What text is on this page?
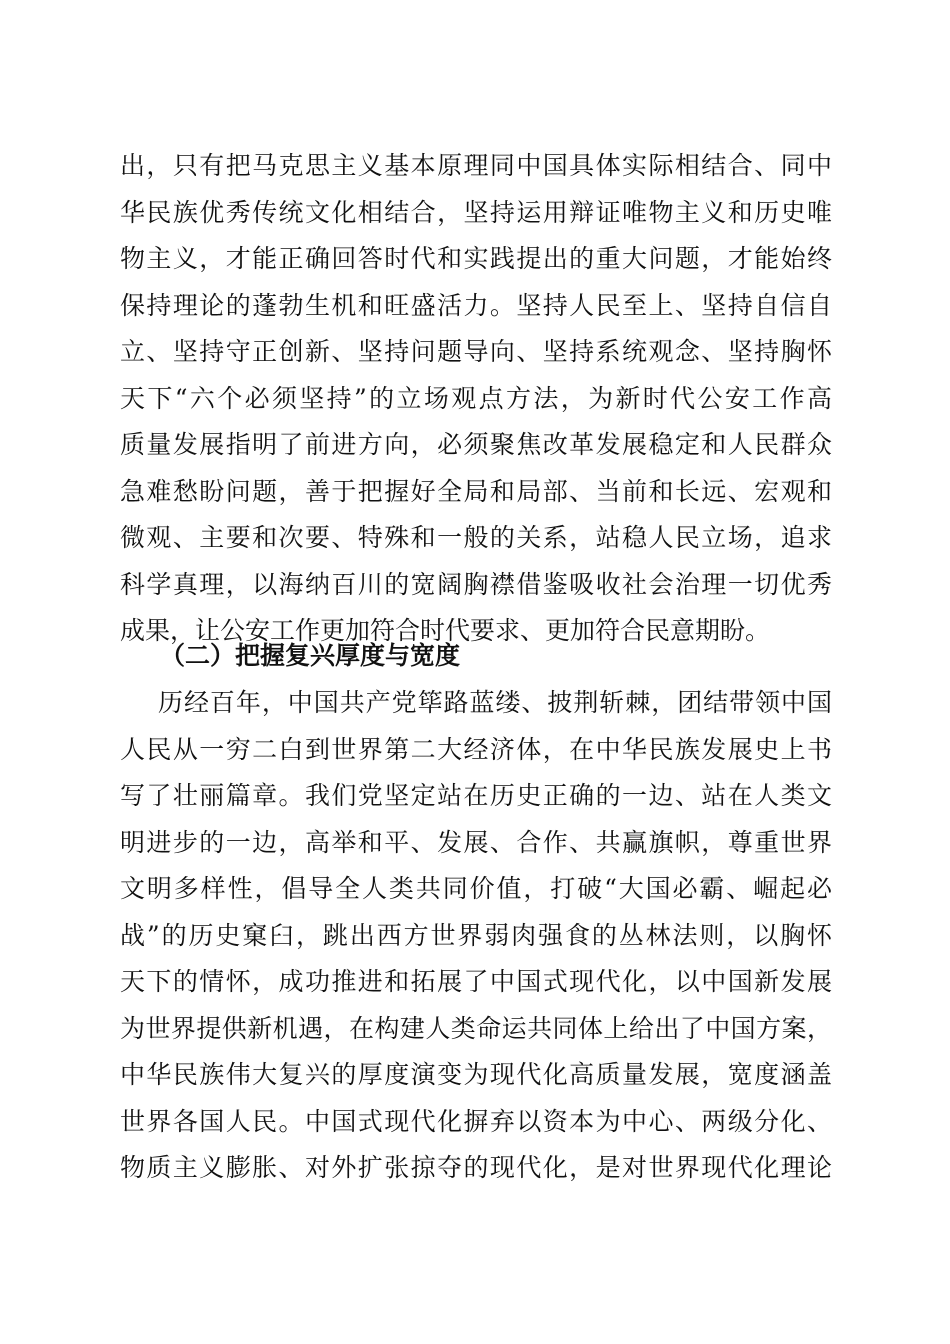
出，只有把马克思主义基本原理同中国具体实际相结合、同中
华民族优秀传统文化相结合，坚持运用辩证唯物主义和历史唯
物主义，才能正确回答时代和实践提出的重大问题，才能始终
保持理论的蓬勃生机和旺盛活力。坚持人民至上、坚持自信自
立、坚持守正创新、坚持问题导向、坚持系统观念、坚持胸怀
天下“六个必须坚持”的立场观点方法，为新时代公安工作高
质量发展指明了前进方向，必须聚焦改革发展稳定和人民群众
急难愁盼问题，善于把握好全局和局部、当前和长远、宏观和
微观、主要和次要、特殊和一般的关系，站稳人民立场，追求
科学真理，以海纳百川的宽阔胸襟借鉴吸收社会治理一切优秀
成果，让公安工作更加符合时代要求、更加符合民意期盼。
（二）把握复兴厚度与宽度
历经百年，中国共产党筚路蓝缕、披荆斩棘，团结带领中国
人民从一穷二白到世界第二大经济体，在中华民族发展史上书
写了壮丽篇章。我们党坚定站在历史正确的一边、站在人类文
明进步的一边，高举和平、发展、合作、共赢旗帜，尊重世界
文明多样性，倡导全人类共同价值，打破“大国必霸、崛起必
战”的历史窠臼，跳出西方世界弱肉强食的丛林法则，以胸怀
天下的情怀，成功推进和拓展了中国式现代化，以中国新发展
为世界提供新机遇，在构建人类命运共同体上给出了中国方案，
中华民族伟大复兴的厚度演变为现代化高质量发展，宽度涵盖
世界各国人民。中国式现代化摒弃以资本为中心、两级分化、
物质主义膨胀、对外扩张掠夺的现代化，是对世界现代化理论
